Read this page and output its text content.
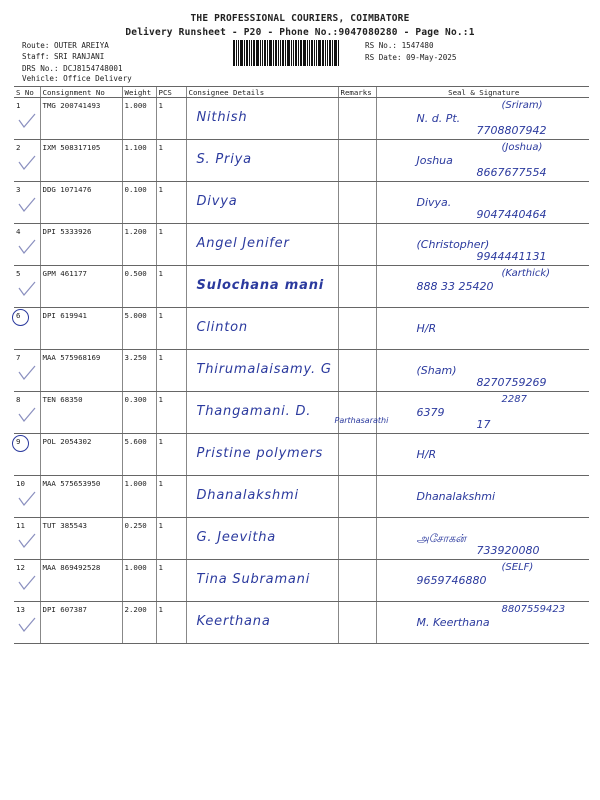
THE PROFESSIONAL COURIERS, COIMBATORE
Delivery Runsheet - P20 - Phone No.:9047080280 - Page No.:1
Route: OUTER AREIYA
Staff: SRI RANJANI
DRS No.: DCJ8154748001
Vehicle: Office Delivery
RS No.: 1547480
RS Date: 09-May-2025
S No	Consignment No	Weight	PCS	Consignee Details	Remarks	Seal & Signature
1	TMG 200741493	1.000	1	Nithish		N. d. Pt.
(Sriram)
7708807942

2	IXM 508317105	1.100	1	S. Priya		Joshua
(Joshua)
8667677554

3	DDG 1071476	0.100	1	Divya		Divya.
9047440464

4	DPI 5333926	1.200	1	Angel Jenifer		(Christopher)
9944441131

5	GPM 461177	0.500	1	Sulochana mani		888 33 25420
(Karthick)

6	DPI 619941	5.000	1	Clinton		H/R

7	MAA 575968169	3.250	1	Thirumalaisamy. G		(Sham)
8270759269

8	TEN 68350	0.300	1	Thangamani. D.	Parthasarathi	6379
2287
17

9	POL 2054302	5.600	1	Pristine polymers		H/R

10	MAA 575653950	1.000	1	Dhanalakshmi		Dhanalakshmi

11	TUT 385543	0.250	1	G. Jeevitha		அசோகன்
733920080

12	MAA 869492528	1.000	1	Tina Subramani		9659746880
(SELF)

13	DPI 607387	2.200	1	Keerthana		M. Keerthana
8807559423
